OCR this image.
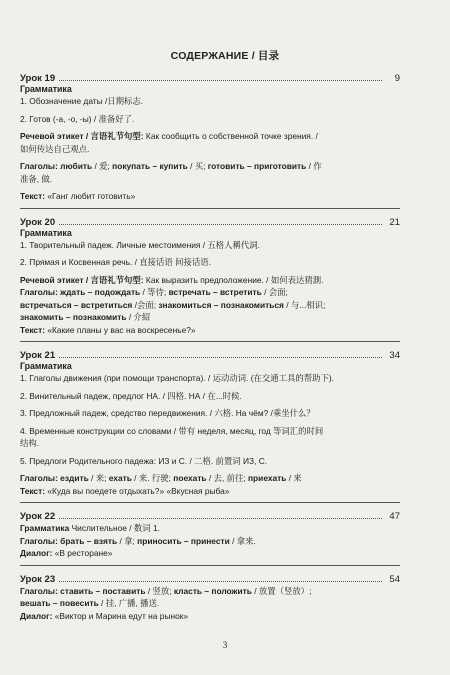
СОДЕРЖАНИЕ / 目录
Урок 19	9
Грамматика
1. Обозначение даты /日期标志.
2. Готов (-а, -о, -ы) / 准备好了.
Речевой этикет / 言语礼节句型: Как сообщить о собственной точке зрения. /
如何传达自己观点.
Глаголы: любить / 爱; покупать – купить / 买; готовить – приготовить / 作
准备, 做.
Текст: «Ганг любит готовить»
Урок 20	21
Грамматика
1. Творительный падеж. Личные местоимения / 五格人稱代詞.
2. Прямая и Косвенная речь. / 直接话语 间接话语.
Речевой этикет / 言语礼节句型: Как выразить предположение. / 如何表达猜測.
Глаголы: ждать – подождать / 等待; встречать – встретить / 会面;
встречаться – встретиться /会面; знакомиться – познакомиться / 与...相识;
знакомить – познакомить / 介紹
Текст: «Какие планы у вас на воскресенье?»
Урок 21	34
Грамматика
1. Глаголы движения (при помощи транспорта). / 运动动词. (在交通工具的帮助下).
2. Винительный падеж, предлог НА. / 四格. НА / 在...时候.
3. Предложный падеж, средство передвижения. / 六格. На чём? /乘坐什么？
4. Временные конструкции со словами / 带有 неделя, месяц, год 等词汇的时间
结构.
5. Предлоги Родительного падежа: ИЗ и С. / 二格. 前置词 ИЗ, С.
Глаголы: ездить / 来; ехать / 来. 行驶; поехать / 去, 前往; приехать / 来
Текст: «Куда вы поедете отдыхать?» «Вкусная рыба»
Урок 22	47
Грамматика Числительное / 数词 1.
Глаголы: брать – взять / 拿; приносить – принести / 拿来.
Диалог: «В ресторане»
Урок 23	54
Глаголы: ставить – поставить / 竖放; класть – положить / 放置（竖放）;
вешать – повесить / 挂, 广播, 播送.
Диалог: «Виктор и Марина едут на рынок»
3
